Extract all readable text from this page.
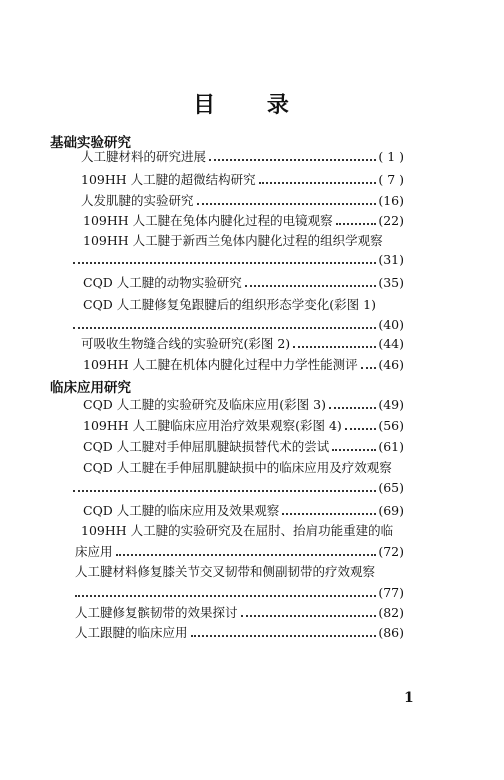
目 录
基础实验研究
人工腱材料的研究进展	( 1 )
109HH 人工腱的超微结构研究	( 7 )
人发肌腱的实验研究	(16)
109HH 人工腱在兔体内腱化过程的电镜观察	(22)
109HH 人工腱于新西兰兔体内腱化过程的组织学观察
(31)
CQD 人工腱的动物实验研究	(35)
CQD 人工腱修复兔跟腱后的组织形态学变化(彩图 1)
(40)
可吸收生物缝合线的实验研究(彩图 2)	(44)
109HH 人工腱在机体内腱化过程中力学性能测评 (46)
临床应用研究
CQD 人工腱的实验研究及临床应用(彩图 3)	(49)
109HH 人工腱临床应用治疗效果观察(彩图 4)	(56)
CQD 人工腱对手伸屈肌腱缺损替代术的尝试	(61)
CQD 人工腱在手伸屈肌腱缺损中的临床应用及疗效观察
(65)
CQD 人工腱的临床应用及效果观察	(69)
109HH 人工腱的实验研究及在屈肘、抬肩功能重建的临
床应用	(72)
人工腱材料修复膝关节交叉韧带和侧副韧带的疗效观察
(77)
人工腱修复髌韧带的效果探讨	(82)
人工跟腱的临床应用	(86)
1
